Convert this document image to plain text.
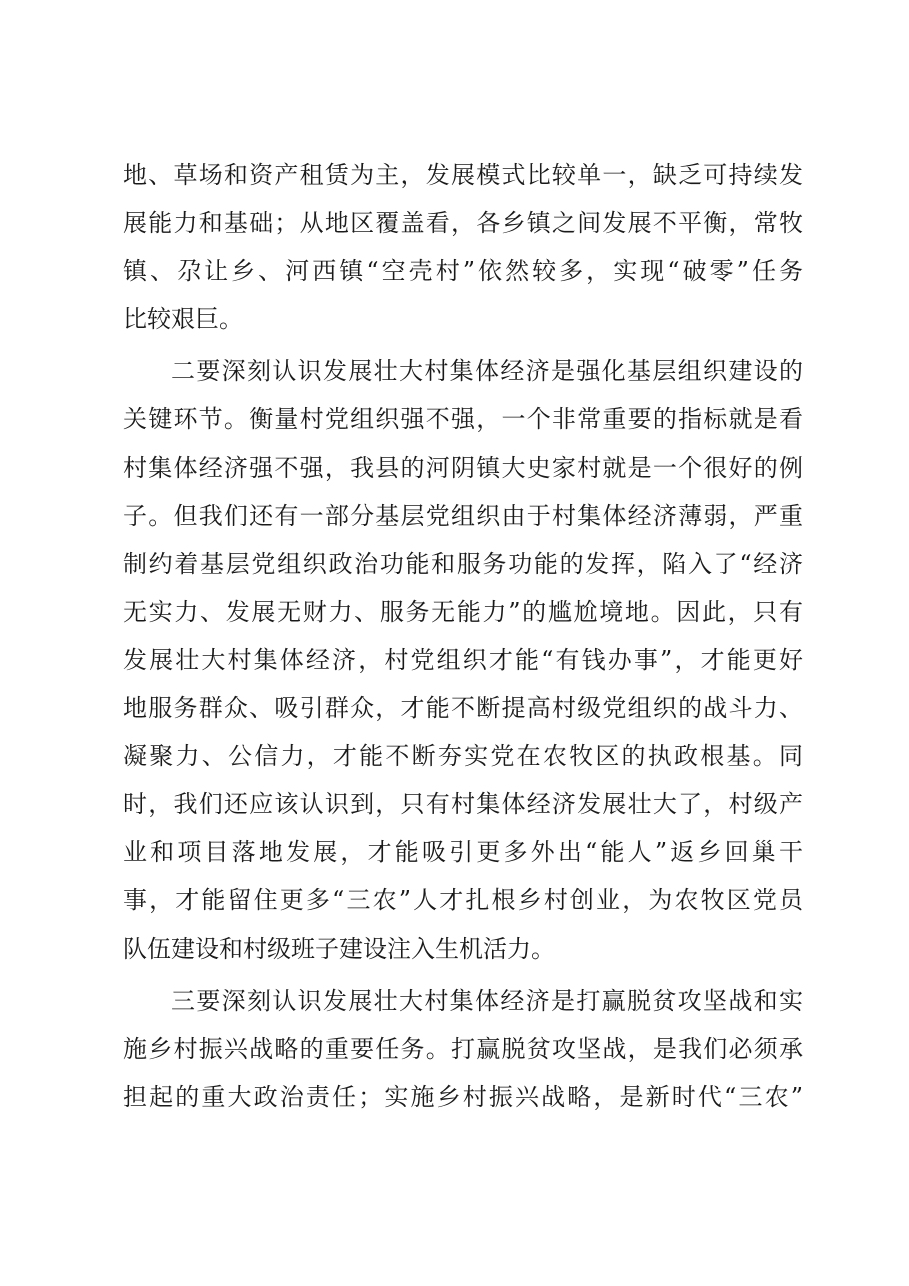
地、草场和资产租赁为主，发展模式比较单一，缺乏可持续发
展能力和基础；从地区覆盖看，各乡镇之间发展不平衡，常牧
镇、尕让乡、河西镇“空壳村”依然较多，实现“破零”任务
比较艰巨。
二要深刻认识发展壮大村集体经济是强化基层组织建设的
关键环节。衡量村党组织强不强，一个非常重要的指标就是看
村集体经济强不强，我县的河阴镇大史家村就是一个很好的例
子。但我们还有一部分基层党组织由于村集体经济薄弱，严重
制约着基层党组织政治功能和服务功能的发挥，陷入了“经济
无实力、发展无财力、服务无能力”的尴尬境地。因此，只有
发展壮大村集体经济，村党组织才能“有钱办事”，才能更好
地服务群众、吸引群众，才能不断提高村级党组织的战斗力、
凝聚力、公信力，才能不断夯实党在农牧区的执政根基。同
时，我们还应该认识到，只有村集体经济发展壮大了，村级产
业和项目落地发展，才能吸引更多外出“能人”返乡回巢干
事，才能留住更多“三农”人才扎根乡村创业，为农牧区党员
队伍建设和村级班子建设注入生机活力。
三要深刻认识发展壮大村集体经济是打赢脱贫攻坚战和实
施乡村振兴战略的重要任务。打赢脱贫攻坚战，是我们必须承
担起的重大政治责任；实施乡村振兴战略，是新时代“三农”
